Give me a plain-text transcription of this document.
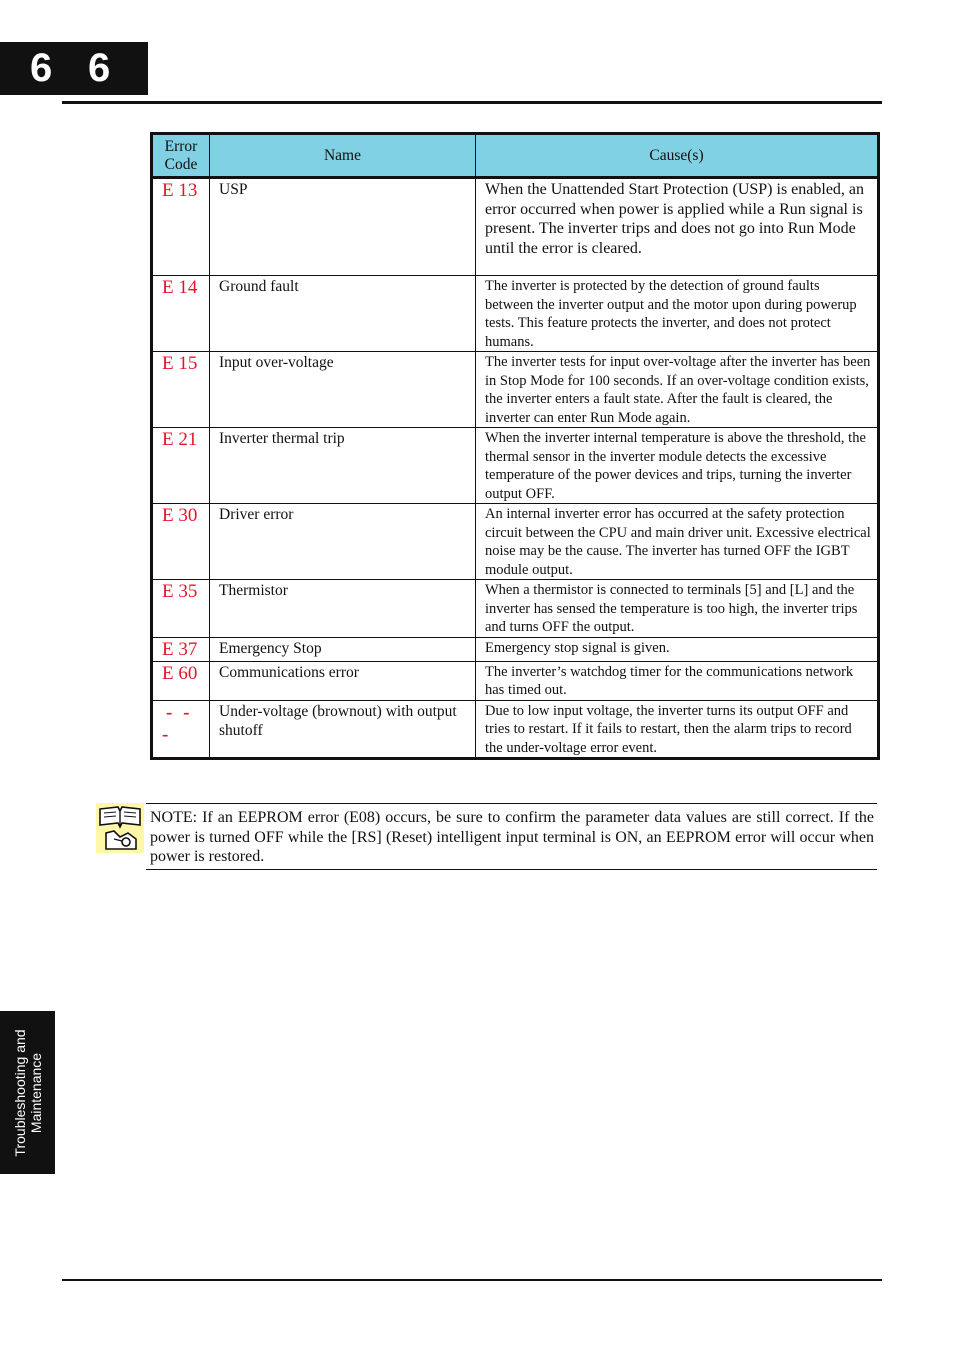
6 6
Error
Code	Name	Cause(s)
E 13	USP	When the Unattended Start Protection (USP) is enabled, an error occurred when power is applied while a Run signal is present. The inverter trips and does not go into Run Mode until the error is cleared.
E 14	Ground fault	The inverter is protected by the detection of ground faults between the inverter output and the motor upon during powerup tests. This feature protects the inverter, and does not protect humans.
E 15	Input over-voltage	The inverter tests for input over-voltage after the inverter has been in Stop Mode for 100 seconds. If an over-voltage condition exists, the inverter enters a fault state. After the fault is cleared, the inverter can enter Run Mode again.
E 21	Inverter thermal trip	When the inverter internal temperature is above the threshold, the thermal sensor in the inverter module detects the excessive temperature of the power devices and trips, turning the inverter output OFF.
E 30	Driver error	An internal inverter error has occurred at the safety protection circuit between the CPU and main driver unit. Excessive electrical noise may be the cause. The inverter has turned OFF the IGBT module output.
E 35	Thermistor	When a thermistor is connected to terminals [5] and [L] and the inverter has sensed the temperature is too high, the inverter trips and turns OFF the output.
E 37	Emergency Stop	Emergency stop signal is given.
E 60	Communications error	The inverter’s watchdog timer for the communications network has timed out.
- - -	Under-voltage (brownout) with output shutoff	Due to low input voltage, the inverter turns its output OFF and tries to restart. If it fails to restart, then the alarm trips to record the under-voltage error event.
NOTE: If an EEPROM error (E08) occurs, be sure to confirm the parameter data values are still correct. If the power is turned OFF while the [RS] (Reset) intelligent input terminal is ON, an EEPROM error will occur when power is restored.
Troubleshooting and
Maintenance
